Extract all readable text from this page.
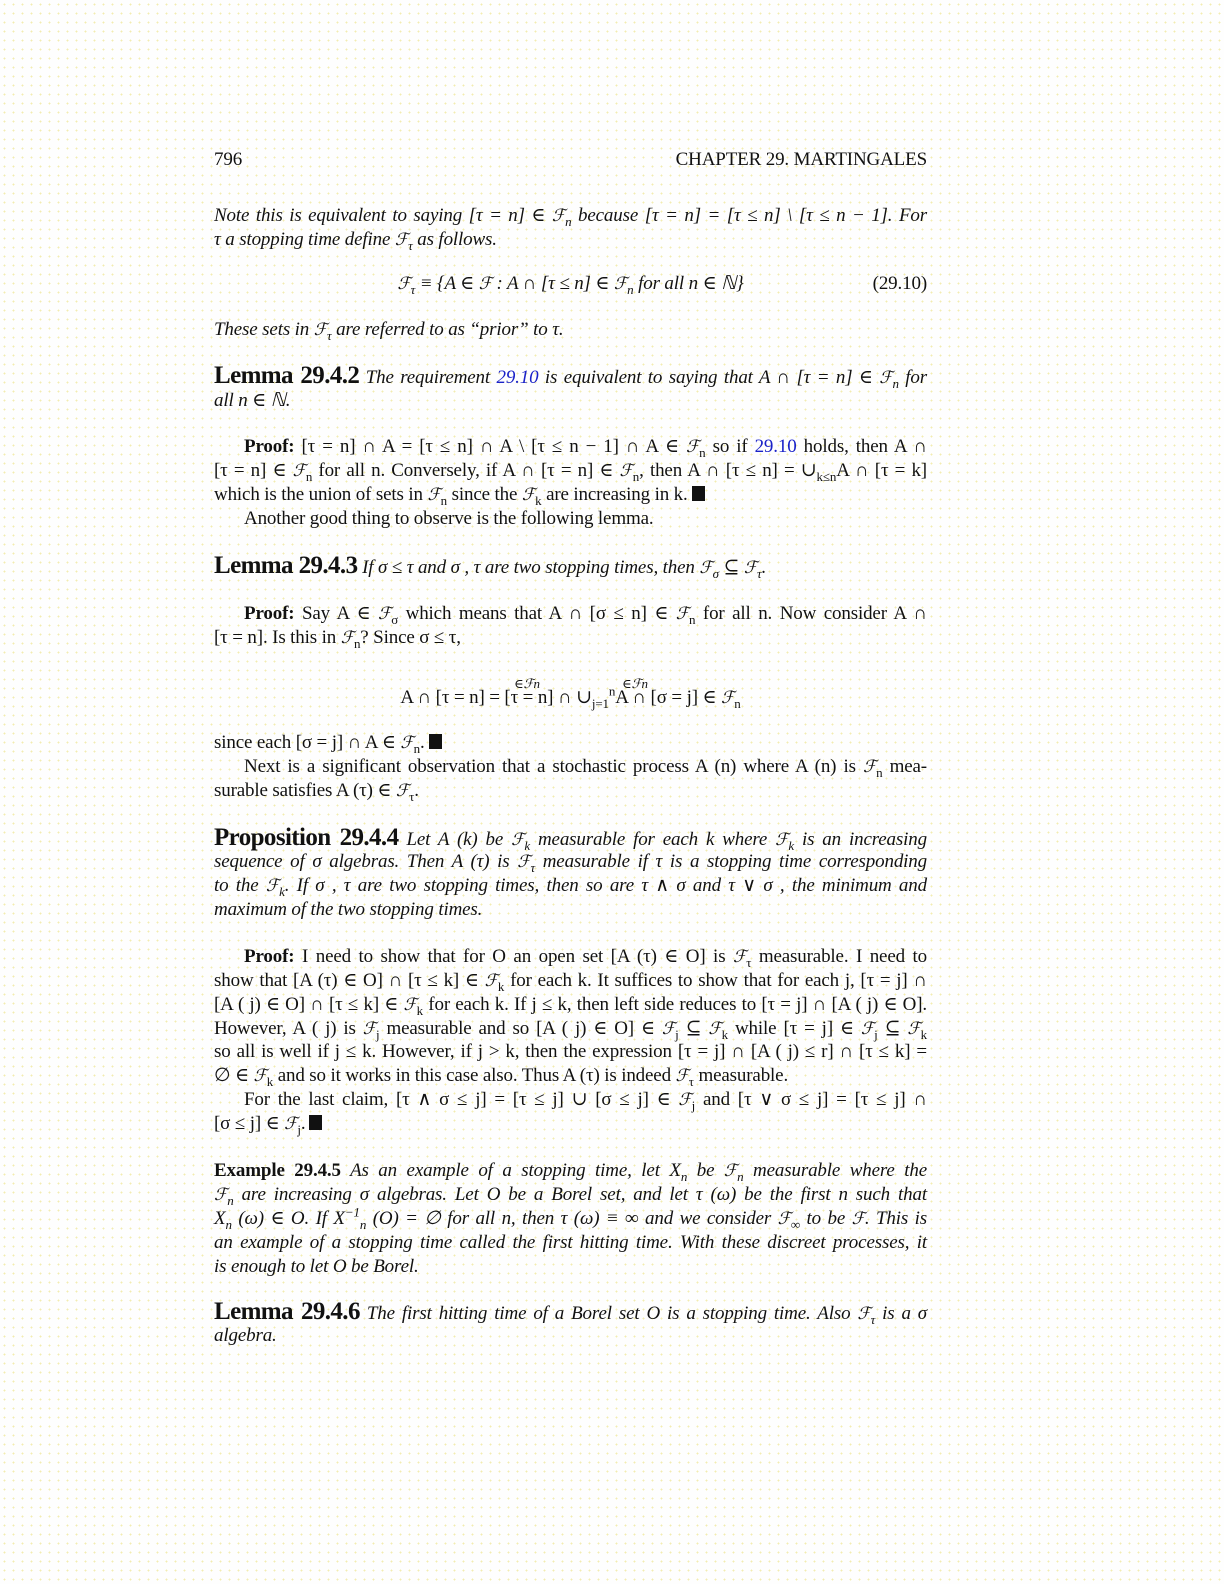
796	CHAPTER 29. MARTINGALES
Note this is equivalent to saying [τ = n] ∈ ℱ$_n$ because [τ = n] = [τ ≤ n] \ [τ ≤ n − 1]. For
τ a stopping time define ℱ$_\tau$ as follows.
ℱ$_\tau$ ≡ {A ∈ ℱ : A ∩ [τ ≤ n] ∈ ℱ$_n$ for all n ∈ ℕ}	(29.10)
These sets in ℱ$_\tau$ are referred to as “prior” to τ.
Lemma 29.4.2 The requirement 29.10 is equivalent to saying that A ∩ [τ = n] ∈ ℱ$_n$ for
all n ∈ ℕ.
Proof: [τ = n] ∩ A = [τ ≤ n] ∩ A \ [τ ≤ n − 1] ∩ A ∈ ℱ$_n$ so if 29.10 holds, then A ∩
[τ = n] ∈ ℱ$_n$ for all n. Conversely, if A ∩ [τ = n] ∈ ℱ$_n$, then A ∩ $[\tau \le n] = \cup_{k\le n}A$ ∩ [τ = k]
which is the union of sets in ℱ$_n$ since the ℱ$_k$ are increasing in k.
Another good thing to observe is the following lemma.
Lemma 29.4.3 If σ ≤ τ and σ , τ are two stopping times, then ℱ$_\sigma$ ⊆ ℱ$_\tau$.
Proof: Say A ∈ ℱ$_\sigma$ which means that A ∩ [σ ≤ n] ∈ ℱ$_n$ for all n. Now consider A ∩
[τ = n]. Is this in ℱ$_n$? Since σ ≤ τ,
A ∩ [τ = n] = [τ = n] ∩ $\cup_{j=1}^nA$ ∩ [σ = j] ∈ ℱ$_n$
∈ℱn	∈ℱn
since each [σ = j] ∩ A ∈ ℱ$_n$.
Next is a significant observation that a stochastic process A (n) where A (n) is ℱ$_n$ mea-
surable satisfies A (τ) ∈ ℱ$_\tau$.
Proposition 29.4.4 Let A (k) be ℱ$_k$ measurable for each k where ℱ$_k$ is an increasing
sequence of σ algebras. Then A (τ) is ℱ$_\tau$ measurable if τ is a stopping time corresponding
to the ℱ$_k$. If σ , τ are two stopping times, then so are τ ∧ σ and τ ∨ σ , the minimum and
maximum of the two stopping times.
Proof: I need to show that for O an open set [A (τ) ∈ O] is ℱ$_\tau$ measurable. I need to
show that [A (τ) ∈ O] ∩ [τ ≤ k] ∈ ℱ$_k$ for each k. It suffices to show that for each j, [τ = j] ∩
[A ( j) ∈ O] ∩ [τ ≤ k] ∈ ℱ$_k$ for each k. If j ≤ k, then left side reduces to [τ = j] ∩ [A ( j) ∈ O].
However, A ( j) is ℱ$_j$ measurable and so [A ( j) ∈ O] ∈ ℱ$_j$ ⊆ ℱ$_k$ while [τ = j] ∈ ℱ$_j$ ⊆ ℱ$_k$
so all is well if j ≤ k. However, if j > k, then the expression [τ = j] ∩ [A ( j) ≤ r] ∩ [τ ≤ k] =
∅ ∈ ℱ$_k$ and so it works in this case also. Thus A (τ) is indeed ℱ$_\tau$ measurable.
For the last claim, [τ ∧ σ ≤ j] = [τ ≤ j] ∪ [σ ≤ j] ∈ ℱ$_j$ and [τ ∨ σ ≤ j] = [τ ≤ j] ∩
[σ ≤ j] ∈ ℱ$_j$.
Example 29.4.5 As an example of a stopping time, let $X_n$ be ℱ$_n$ measurable where the
ℱ$_n$ are increasing σ algebras. Let O be a Borel set, and let τ (ω) be the first n such that
$X_n$ (ω) ∈ O. If $X^{-1}_n$ (O) = ∅ for all n, then τ (ω) ≡ ∞ and we consider ℱ$_\infty$ to be ℱ. This is
an example of a stopping time called the first hitting time. With these discreet processes, it
is enough to let O be Borel.
Lemma 29.4.6 The first hitting time of a Borel set O is a stopping time. Also ℱ$_\tau$ is a σ
algebra.
